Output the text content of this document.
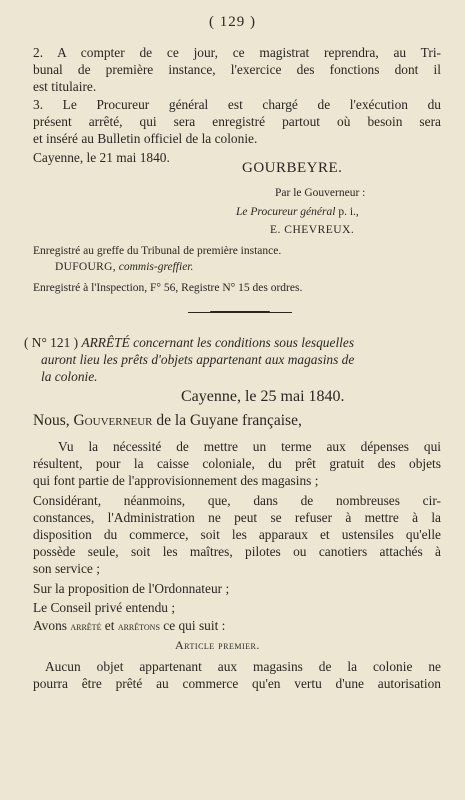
( 129 )
2. A compter de ce jour, ce magistrat reprendra, au Tri-
bunal de première instance, l'exercice des fonctions dont il
est titulaire.
3. Le Procureur général est chargé de l'exécution du
présent arrêté, qui sera enregistré partout où besoin sera
et inséré au Bulletin officiel de la colonie.
Cayenne, le 21 mai 1840.
GOURBEYRE.
Par le Gouverneur :
Le Procureur général p. i.,
E. CHEVREUX.
Enregistré au greffe du Tribunal de première instance.
DUFOURG, commis-greffier.
Enregistré à l'Inspection, F° 56, Registre N° 15 des ordres.
( N° 121 ) ARRÊTÉ concernant les conditions sous lesquelles
auront lieu les prêts d'objets appartenant aux magasins de
la colonie.
Cayenne, le 25 mai 1840.
Nous, Gouverneur de la Guyane française,
Vu la nécessité de mettre un terme aux dépenses qui
résultent, pour la caisse coloniale, du prêt gratuit des objets
qui font partie de l'approvisionnement des magasins ;
Considérant, néanmoins, que, dans de nombreuses cir-
constances, l'Administration ne peut se refuser à mettre à la
disposition du commerce, soit les apparaux et ustensiles qu'elle
possède seule, soit les maîtres, pilotes ou canotiers attachés à
son service ;
Sur la proposition de l'Ordonnateur ;
Le Conseil privé entendu ;
Avons arrêté et arrêtons ce qui suit :
Article premier.
Aucun objet appartenant aux magasins de la colonie ne
pourra être prêté au commerce qu'en vertu d'une autorisation
